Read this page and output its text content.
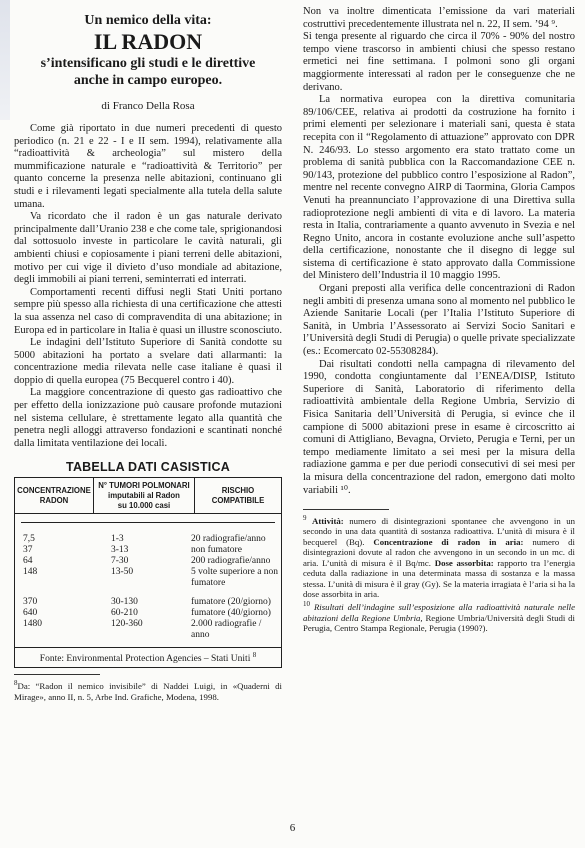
Un nemico della vita:
IL RADON
s’intensificano gli studi e le direttive
anche in campo europeo.
di Franco Della Rosa

Come già riportato in due numeri precedenti di questo periodico (n. 21 e 22 - I e II sem. 1994), relativamente alla “radioattività & archeologia” sul mistero della mummificazione naturale e “radioattività & Territorio” per quanto concerne la presenza nelle abitazioni, continuano gli studi e i rilevamenti legati specialmente alla tutela della salute umana.

Va ricordato che il radon è un gas naturale derivato principalmente dall’Uranio 238 e che come tale, sprigionandosi dal sottosuolo investe in particolare le cavità naturali, gli ambienti chiusi e copiosamente i piani terreni delle abitazioni, motivo per cui vige il divieto d’uso mondiale ad abitazione, degli immobili ai piani terreni, seminterrati ed interrati.

Comportamenti recenti diffusi negli Stati Uniti portano sempre più spesso alla richiesta di una certificazione che attesti la sua assenza nel caso di compravendita di una abitazione; in Europa ed in particolare in Italia è quasi un illustre sconosciuto.

Le indagini dell’Istituto Superiore di Sanità condotte su 5000 abitazioni ha portato a svelare dati allarmanti: la concentrazione media rilevata nelle case italiane è quasi il doppio di quella europea (75 Becquerel contro i 40).

La maggiore concentrazione di questo gas radioattivo che per effetto della ionizzazione può causare profonde mutazioni nel sistema cellulare, è strettamente legato alla quantità che penetra negli alloggi attraverso fondazioni e scantinati nonché dalla limitata ventilazione dei locali.

TABELLA DATI CASISTICA
CONCENTRAZIONE RADON
N° TUMORI POLMONARI
imputabili al Radon
su 10.000 casi
RISCHIO COMPATIBILE
7,5	1-3	20 radiografie/anno
37	3-13	non fumatore
64	7-30	200 radiografie/anno
148	13-50	5 volte superiore a non fumatore
370	30-130	fumatore (20/giorno)
640	60-210	fumatore (40/giorno)
1480	120-360	2.000 radiografie / anno
Fonte: Environmental Protection Agencies – Stati Uniti $^8$

$^8$Da: “Radon il nemico invisibile” di Naddei Luigi, in «Quaderni di Mirage», anno II, n. 5, Arbe Ind. Grafiche, Modena, 1998.

Non va inoltre dimenticata l’emissione da vari materiali costruttivi precedentemente illustrata nel n. 22, II sem. ’94 ⁹.

Si tenga presente al riguardo che circa il 70% - 90% del nostro tempo viene trascorso in ambienti chiusi che spesso restano ermetici nei fine settimana. I polmoni sono gli organi maggiormente interessati al radon per le conseguenze che ne derivano.

La normativa europea con la direttiva comunitaria 89/106/CEE, relativa ai prodotti da costruzione ha fornito i primi elementi per selezionare i materiali sani, questa è stata recepita con il “Regolamento di attuazione” approvato con DPR N. 246/93. Lo stesso argomento era stato trattato come un problema di sanità pubblica con la Raccomandazione CEE n. 90/143, protezione del pubblico contro l’esposizione al Radon”, mentre nel recente convegno AIRP di Taormina, Gloria Campos Venuti ha preannunciato l’approvazione di una Direttiva sulla radioprotezione negli ambienti di vita e di lavoro. La materia resta in Italia, contrariamente a quanto avvenuto in Svezia e nel Regno Unito, ancora in costante evoluzione anche sull’aspetto della certificazione, nonostante che il disegno di legge sul sistema di certificazione è stato approvato dalla Commissione del Ministero dell’Industria il 10 maggio 1995.

Organi preposti alla verifica delle concentrazioni di Radon negli ambiti di presenza umana sono al momento nel pubblico le Aziende Sanitarie Locali (per l’Italia l’Istituto Superiore di Sanità, in Umbria l’Assessorato ai Servizi Socio Sanitari e l’Università degli Studi di Perugia) o quelle private specializzate (es.: Ecomercato 02-55308284).

Dai risultati condotti nella campagna di rilevamento del 1990, condotta congiuntamente dal l’ENEA/DISP, Istituto Superiore di Sanità, Laboratorio di riferimento della radioattività ambientale della Regione Umbria, Servizio di Fisica Sanitaria dell’Università di Perugia, si evince che il campione di 5000 abitazioni prese in esame è circoscritto ai comuni di Attigliano, Bevagna, Orvieto, Perugia e Terni, per un tempo mediamente limitato a sei mesi per la misura della radiazione gamma e per due periodi consecutivi di sei mesi per la misura della concentrazione del radon, emergono dati molto variabili ¹⁰.

$^9$ Attività: numero di disintegrazioni spontanee che avvengono in un secondo in una data quantità di sostanza radioattiva. L’unità di misura è il becquerel (Bq). Concentrazione di radon in aria: numero di disintegrazioni dovute al radon che avvengono in un secondo in un mc. di aria. L’unità di misura è il Bq/mc. Dose assorbita: rapporto tra l’energia ceduta dalla radiazione in una determinata massa di sostanza e la massa stessa. L’unità di misura è il gray (Gy). Se la materia irragiata è l’aria si ha la dose assorbita in aria.

$^{10}$ Risultati dell’indagine sull’esposizione alla radioattività naturale nelle abitazioni della Regione Umbria, Regione Umbria/Università degli Studi di Perugia, Centro Stampa Regionale, Perugia (1990?).

6
